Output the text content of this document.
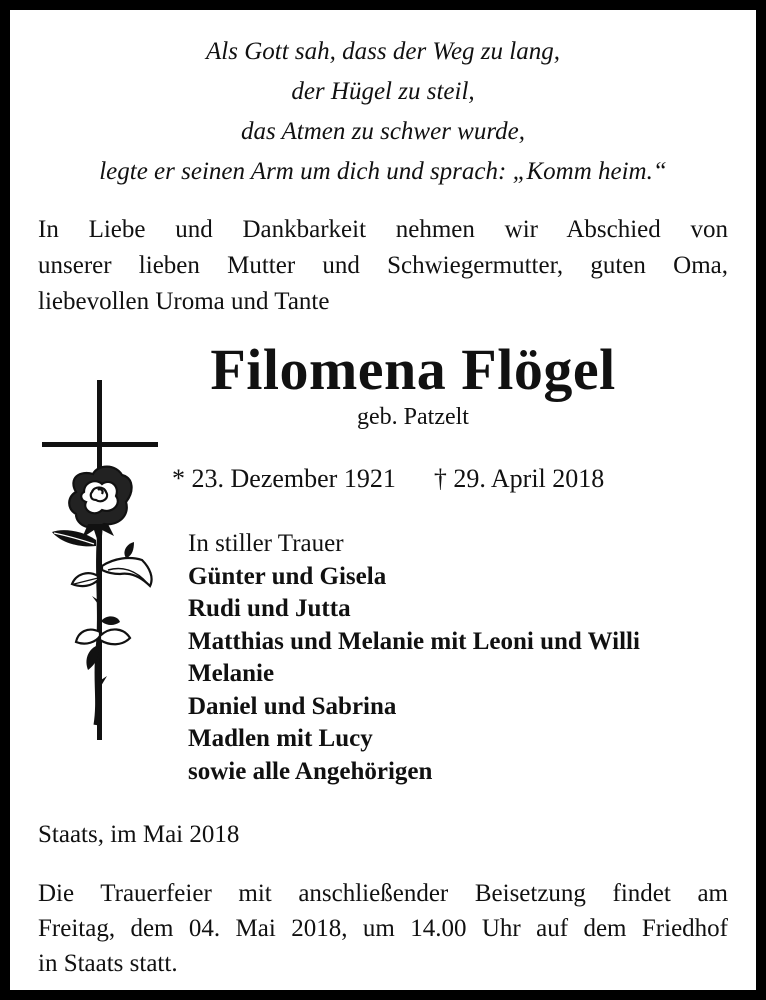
Als Gott sah, dass der Weg zu lang,
der Hügel zu steil,
das Atmen zu schwer wurde,
legte er seinen Arm um dich und sprach: „Komm heim.“
In Liebe und Dankbarkeit nehmen wir Abschied von
unserer lieben Mutter und Schwiegermutter, guten Oma,
liebevollen Uroma und Tante
Filomena Flögel
geb. Patzelt
* 23. Dezember 1921 † 29. April 2018
In stiller Trauer
Günter und Gisela
Rudi und Jutta
Matthias und Melanie mit Leoni und Willi
Melanie
Daniel und Sabrina
Madlen mit Lucy
sowie alle Angehörigen
Staats, im Mai 2018
Die Trauerfeier mit anschließender Beisetzung findet am
Freitag, dem 04. Mai 2018, um 14.00 Uhr auf dem Friedhof
in Staats statt.
